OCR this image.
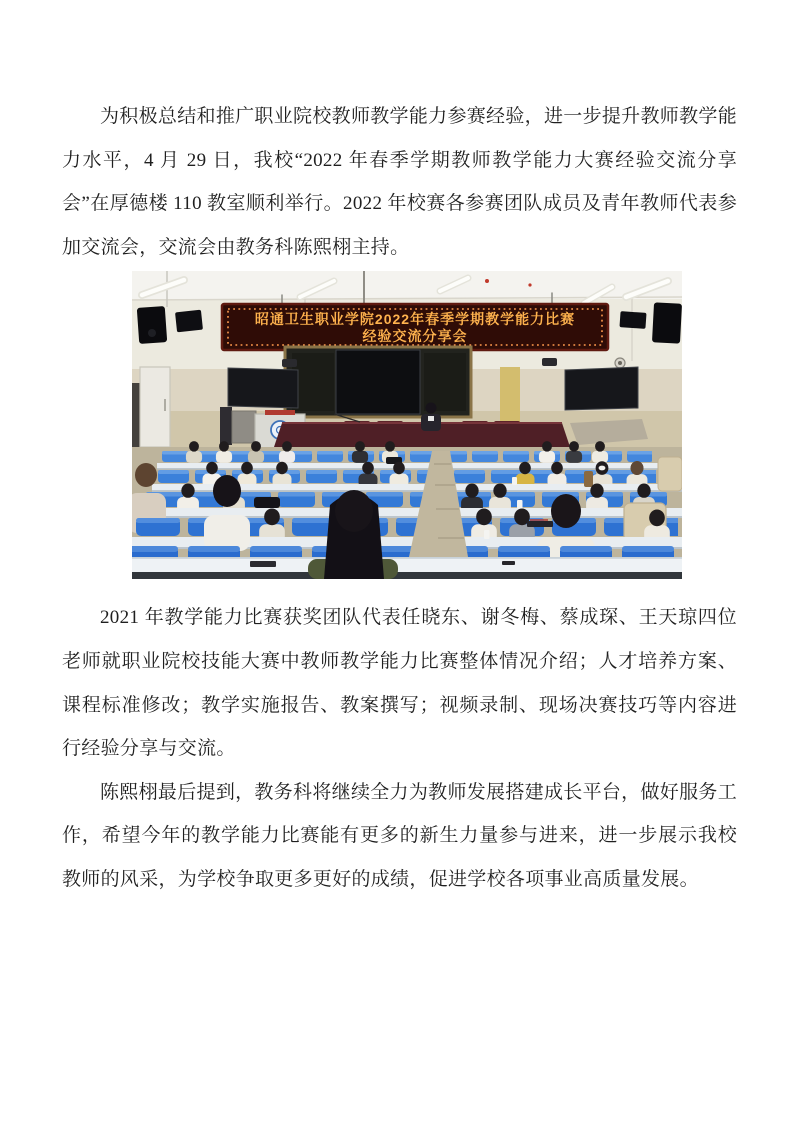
为积极总结和推广职业院校教师教学能力参赛经验，进一步提升教师教学能力水平，4 月 29 日，我校“2022 年春季学期教师教学能力大赛经验交流分享会”在厚德楼 110 教室顺利举行。2022 年校赛各参赛团队成员及青年教师代表参加交流会，交流会由教务科陈熙栩主持。

昭通卫生职业学院2022年春季学期教学能力比赛
经验交流分享会

2021 年教学能力比赛获奖团队代表任晓东、谢冬梅、蔡成琛、王天琼四位老师就职业院校技能大赛中教师教学能力比赛整体情况介绍；人才培养方案、课程标准修改；教学实施报告、教案撰写；视频录制、现场决赛技巧等内容进行经验分享与交流。

陈熙栩最后提到，教务科将继续全力为教师发展搭建成长平台，做好服务工作，希望今年的教学能力比赛能有更多的新生力量参与进来，进一步展示我校教师的风采，为学校争取更多更好的成绩，促进学校各项事业高质量发展。
